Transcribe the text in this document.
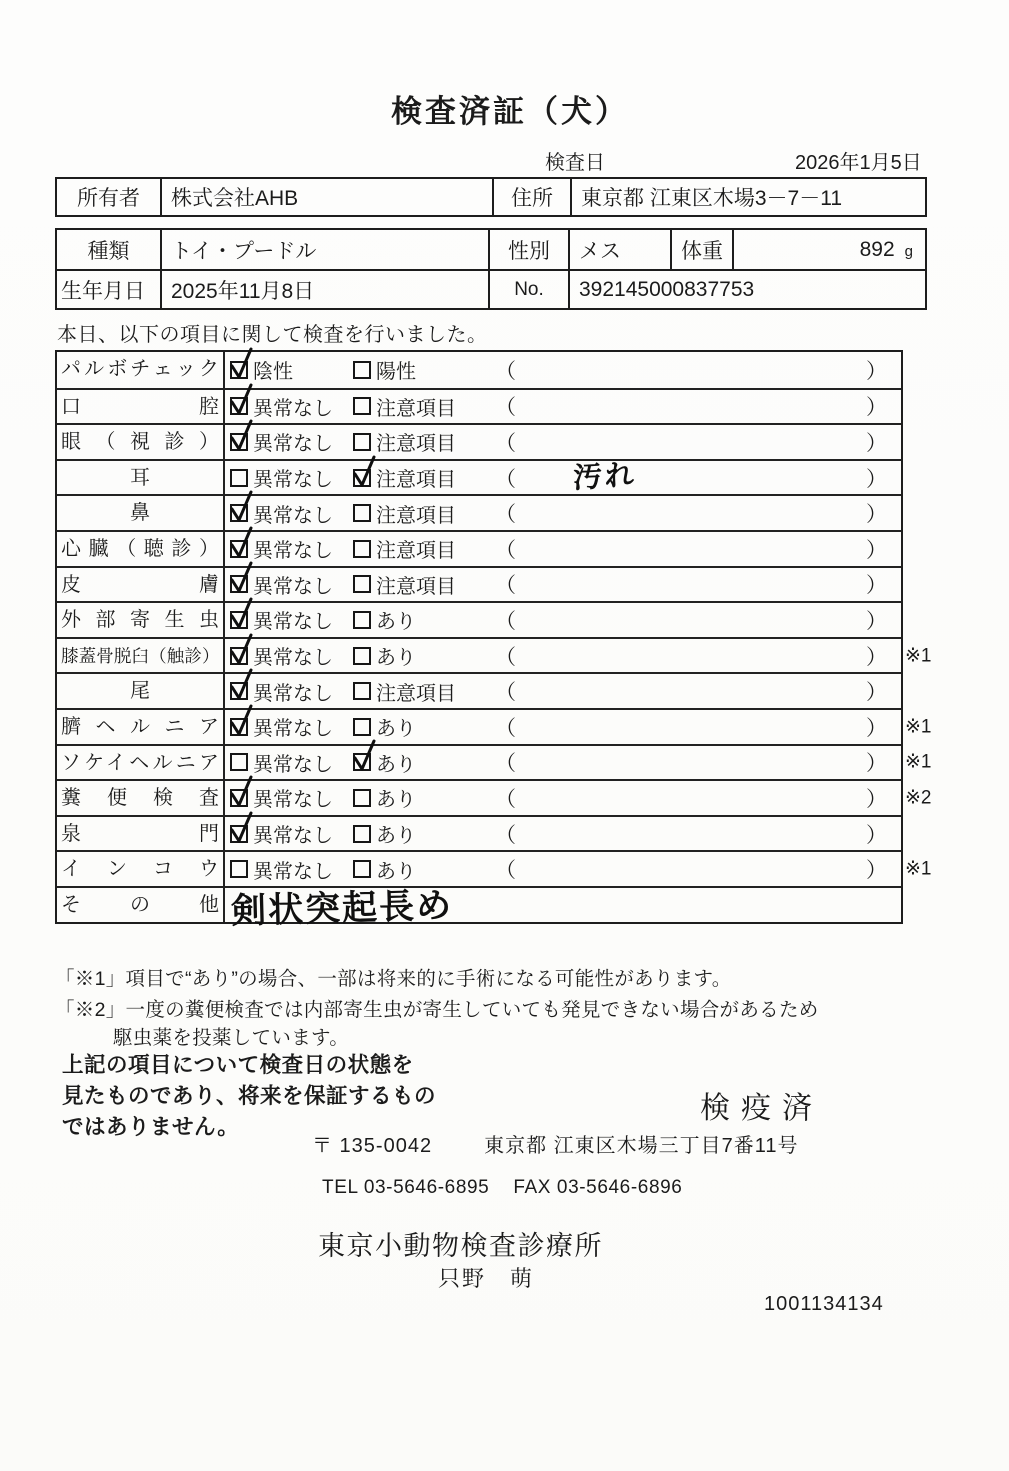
検査済証（犬）
検査日	2026年1月5日
所有者	株式会社AHB	住所	東京都 江東区木場3－7－11
種類	トイ・プードル	性別	メス	体重	892 g
生年月日	2025年11月8日	No.	392145000837753
本日、以下の項目に関して検査を行いました。
パルボチェック	陰性	陽性	（	）
口腔	異常なし 注意項目 （	）
眼（視診）	異常なし 注意項目 （	）
耳	異常なし 注意項目 （ 汚れ	）
鼻	異常なし 注意項目 （	）
心臓（聴診）	異常なし 注意項目 （	）
皮膚	異常なし 注意項目 （	）
外部寄生虫	異常なし あり	（	）
膝蓋骨脱臼（触診）	異常なし あり	（	） ※1
尾	異常なし 注意項目 （	）
臍ヘルニア	異常なし あり	（	） ※1
ソケイヘルニア	異常なし あり	（	） ※1
糞便検査	異常なし あり	（	） ※2
泉門	異常なし あり	（	）
インコウ	異常なし あり	（	） ※1
その他 剣状突起長め
「※1」項目で“あり”の場合、一部は将来的に手術になる可能性があります。
「※2」一度の糞便検査では内部寄生虫が寄生していても発見できない場合があるため
駆虫薬を投薬しています。
上記の項目について検査日の状態を
見たものであり、将来を保証するもの
ではありません。
検疫済
〒 135-0042	東京都 江東区木場三丁目7番11号
TEL 03-5646-6895 FAX 03-5646-6896
東京小動物検査診療所
只野　萌
1001134134
